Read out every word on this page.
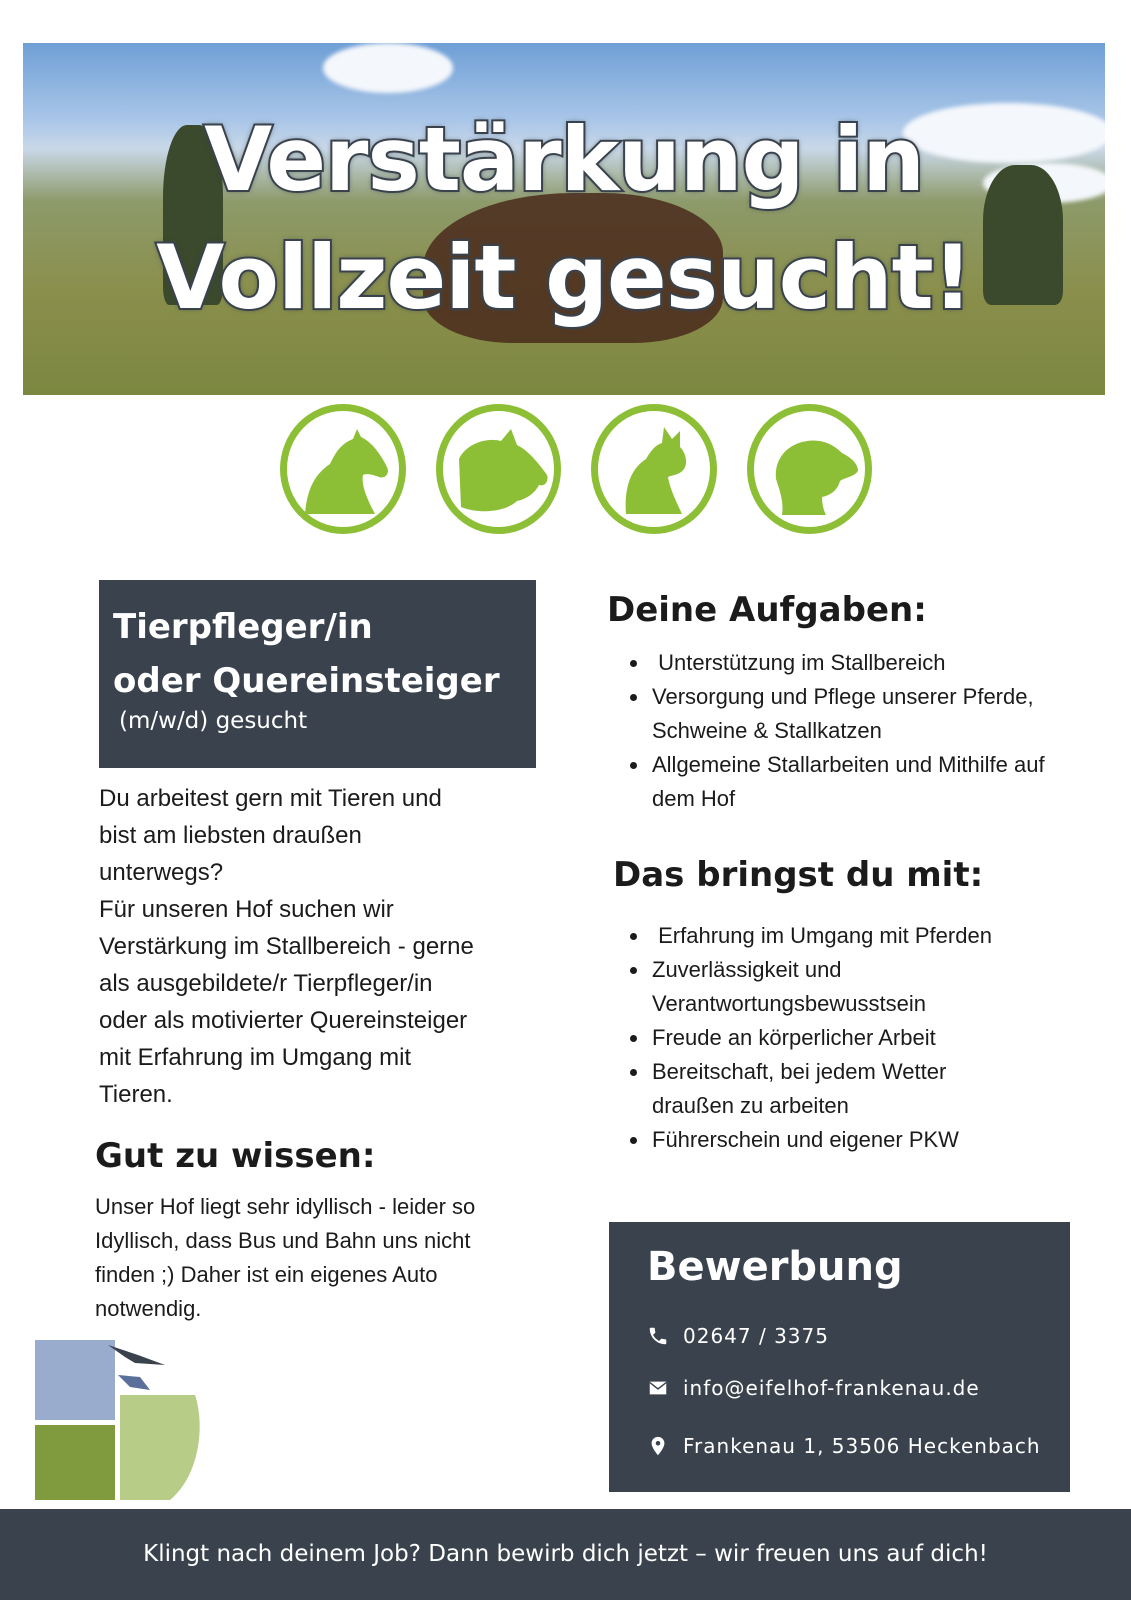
Verstärkung in
Vollzeit gesucht!
Tierpfleger/in
oder Quereinsteiger
(m/w/d) gesucht
Du arbeitest gern mit Tieren und
bist am liebsten draußen
unterwegs?
Für unseren Hof suchen wir
Verstärkung im Stallbereich - gerne
als ausgebildete/r Tierpfleger/in
oder als motivierter Quereinsteiger
mit Erfahrung im Umgang mit
Tieren.
Gut zu wissen:
Unser Hof liegt sehr idyllisch - leider so
Idyllisch, dass Bus und Bahn uns nicht
finden ;) Daher ist ein eigenes Auto
notwendig.
Deine Aufgaben:
•  Unterstützung im Stallbereich
• Versorgung und Pflege unserer Pferde, Schweine & Stallkatzen
• Allgemeine Stallarbeiten und Mithilfe auf dem Hof
Das bringst du mit:
•  Erfahrung im Umgang mit Pferden
• Zuverlässigkeit und Verantwortungsbewusstsein
• Freude an körperlicher Arbeit
• Bereitschaft, bei jedem Wetter draußen zu arbeiten
• Führerschein und eigener PKW
Bewerbung
02647 / 3375
info@eifelhof-frankenau.de
Frankenau 1, 53506 Heckenbach
Klingt nach deinem Job? Dann bewirb dich jetzt – wir freuen uns auf dich!
